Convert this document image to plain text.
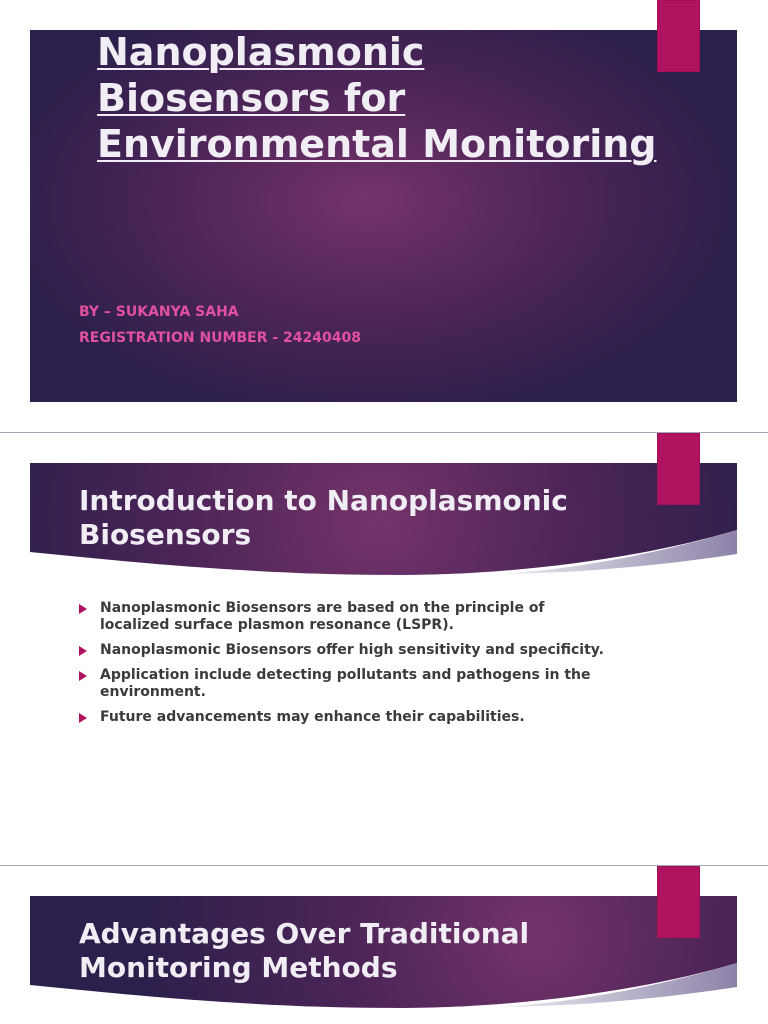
Nanoplasmonic
Biosensors for
Environmental Monitoring
BY – SUKANYA SAHA
REGISTRATION NUMBER - 24240408
Introduction to Nanoplasmonic Biosensors
Nanoplasmonic Biosensors are based on the principle of localized surface plasmon resonance (LSPR).
Nanoplasmonic Biosensors offer high sensitivity and specificity.
Application include detecting pollutants and pathogens in the environment.
Future advancements may enhance their capabilities.
Advantages Over Traditional Monitoring Methods
